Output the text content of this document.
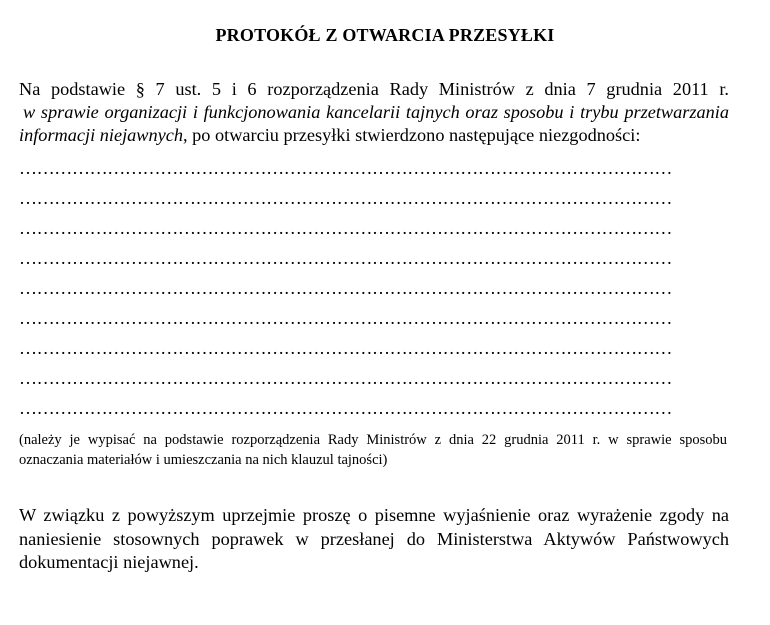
PROTOKÓŁ Z OTWARCIA PRZESYŁKI
Na podstawie § 7 ust. 5 i 6 rozporządzenia Rady Ministrów z dnia 7 grudnia 2011 r.
w sprawie organizacji i funkcjonowania kancelarii tajnych oraz sposobu i trybu przetwarzania
informacji niejawnych, po otwarciu przesyłki stwierdzono następujące niezgodności:
…………………………………………………………………………………………………
…………………………………………………………………………………………………
…………………………………………………………………………………………………
…………………………………………………………………………………………………
…………………………………………………………………………………………………
…………………………………………………………………………………………………
…………………………………………………………………………………………………
…………………………………………………………………………………………………
…………………………………………………………………………………………………
(należy je wypisać na podstawie rozporządzenia Rady Ministrów z dnia 22 grudnia 2011 r. w sprawie sposobu
oznaczania materiałów i umieszczania na nich klauzul tajności)
W związku z powyższym uprzejmie proszę o pisemne wyjaśnienie oraz wyrażenie zgody na
naniesienie stosownych poprawek w przesłanej do Ministerstwa Aktywów Państwowych
dokumentacji niejawnej.
